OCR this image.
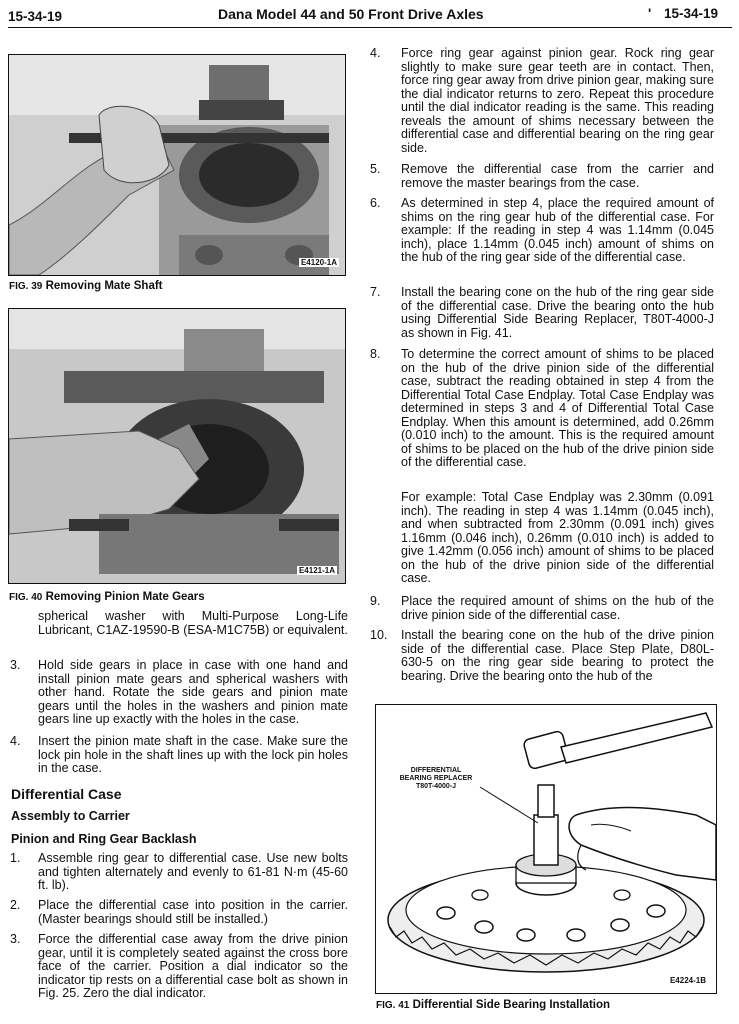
15-34-19	Dana Model 44 and 50 Front Drive Axles	' 15-34-19
E4120-1A
FIG. 39 Removing Mate Shaft
E4121-1A
FIG. 40 Removing Pinion Mate Gears
spherical washer with Multi-Purpose Long-Life Lubricant, C1AZ-19590-B (ESA-M1C75B) or equivalent.
3.	Hold side gears in place in case with one hand and install pinion mate gears and spherical washers with other hand. Rotate the side gears and pinion mate gears until the holes in the washers and pinion mate gears line up exactly with the holes in the case.
4.	Insert the pinion mate shaft in the case. Make sure the lock pin hole in the shaft lines up with the lock pin holes in the case.
Differential Case
Assembly to Carrier
Pinion and Ring Gear Backlash
1.	Assemble ring gear to differential case. Use new bolts and tighten alternately and evenly to 61-81 N·m (45-60 ft. lb).
2.	Place the differential case into position in the carrier. (Master bearings should still be installed.)
3.	Force the differential case away from the drive pinion gear, until it is completely seated against the cross bore face of the carrier. Position a dial indicator so the indicator tip rests on a differential case bolt as shown in Fig. 25. Zero the dial indicator.
4.	Force ring gear against pinion gear. Rock ring gear slightly to make sure gear teeth are in contact. Then, force ring gear away from drive pinion gear, making sure the dial indicator returns to zero. Repeat this procedure until the dial indicator reading is the same. This reading reveals the amount of shims necessary between the differential case and differential bearing on the ring gear side.
5.	Remove the differential case from the carrier and remove the master bearings from the case.
6.	As determined in step 4, place the required amount of shims on the ring gear hub of the differential case. For example: If the reading in step 4 was 1.14mm (0.045 inch), place 1.14mm (0.045 inch) amount of shims on the hub of the ring gear side of the differential case.
7.	Install the bearing cone on the hub of the ring gear side of the differential case. Drive the bearing onto the hub using Differential Side Bearing Replacer, T80T-4000-J as shown in Fig. 41.
8.	To determine the correct amount of shims to be placed on the hub of the drive pinion side of the differential case, subtract the reading obtained in step 4 from the Differential Total Case Endplay. Total Case Endplay was determined in steps 3 and 4 of Differential Total Case Endplay. When this amount is determined, add 0.26mm (0.010 inch) to the amount. This is the required amount of shims to be placed on the hub of the drive pinion side of the differential case.
For example: Total Case Endplay was 2.30mm (0.091 inch). The reading in step 4 was 1.14mm (0.045 inch), and when subtracted from 2.30mm (0.091 inch) gives 1.16mm (0.046 inch), 0.26mm (0.010 inch) is added to give 1.42mm (0.056 inch) amount of shims to be placed on the hub of the drive pinion side of the differential case.
9.	Place the required amount of shims on the hub of the drive pinion side of the differential case.
10.	Install the bearing cone on the hub of the drive pinion side of the differential case. Place Step Plate, D80L-630-5 on the ring gear side bearing to protect the bearing. Drive the bearing onto the hub of the
DIFFERENTIAL
BEARING REPLACER
T80T-4000-J
E4224-1B
FIG. 41 Differential Side Bearing Installation
